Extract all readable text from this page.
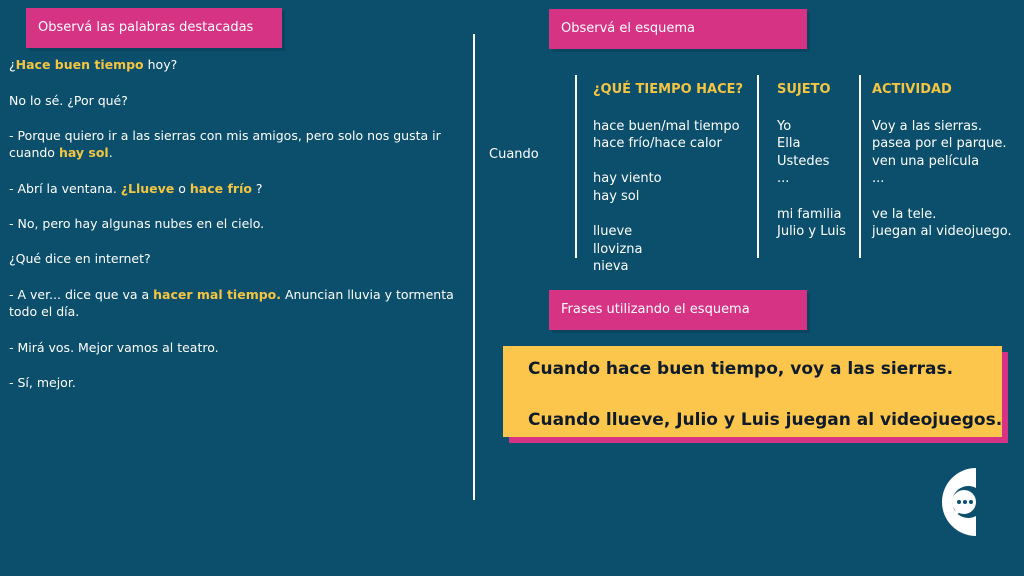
Observá las palabras destacadas

¿Hace buen tiempo hoy?

No lo sé. ¿Por qué?

- Porque quiero ir a las sierras con mis amigos, pero solo nos gusta ir cuando hay sol.

- Abrí la ventana. ¿Llueve o hace frío ?

- No, pero hay algunas nubes en el cielo.

¿Qué dice en internet?

- A ver... dice que va a hacer mal tiempo. Anuncian lluvia y tormenta todo el día.

- Mirá vos. Mejor vamos al teatro.

- Sí, mejor.

Observá el esquema
Cuando
¿QUÉ TIEMPO HACE?	SUJETO	ACTIVIDAD
hace buen/mal tiempo
hace frío/hace calor
hay viento
hay sol
llueve
llovizna
nieva
Yo
Ella
Ustedes
...
mi familia
Julio y Luis
Voy a las sierras.
pasea por el parque.
ven una película
...
ve la tele.
juegan al videojuego.
Frases utilizando el esquema

Cuando hace buen tiempo, voy a las sierras.

Cuando llueve, Julio y Luis juegan al videojuegos.
